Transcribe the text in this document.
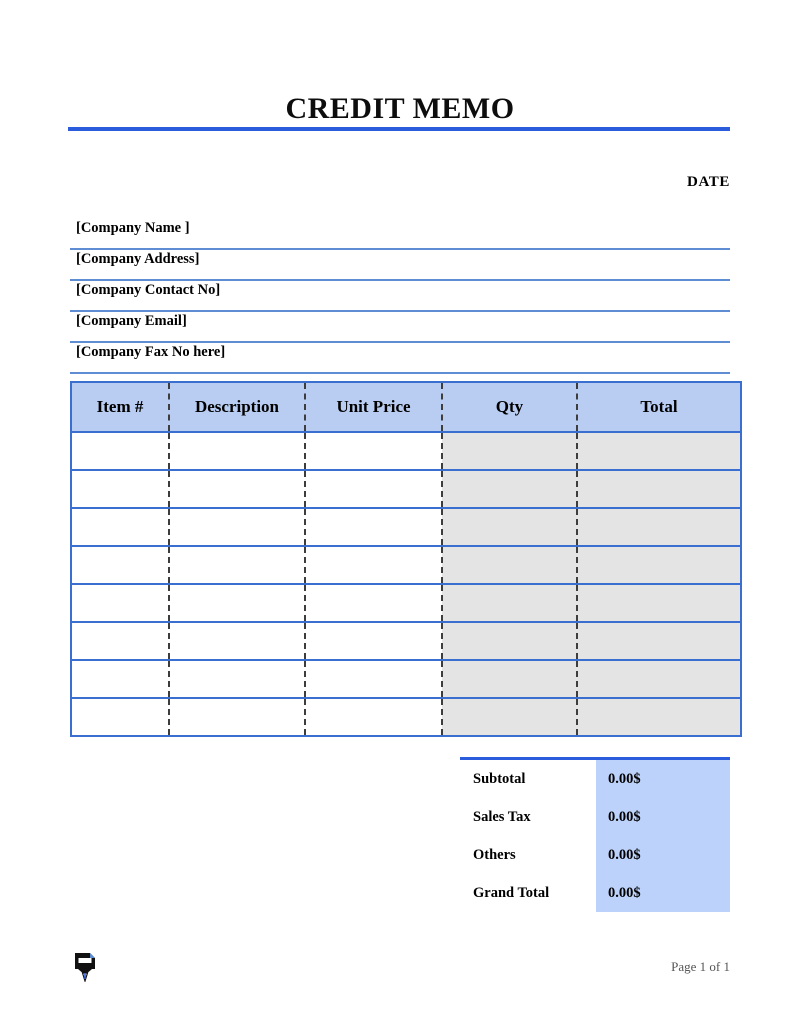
CREDIT MEMO
DATE
[Company Name ]
[Company Address]
[Company Contact No]
[Company Email]
[Company Fax No here]
Item #	Description	Unit Price	Qty	Total

Subtotal	0.00$
Sales Tax	0.00$
Others	0.00$
Grand Total	0.00$
Page 1 of 1
